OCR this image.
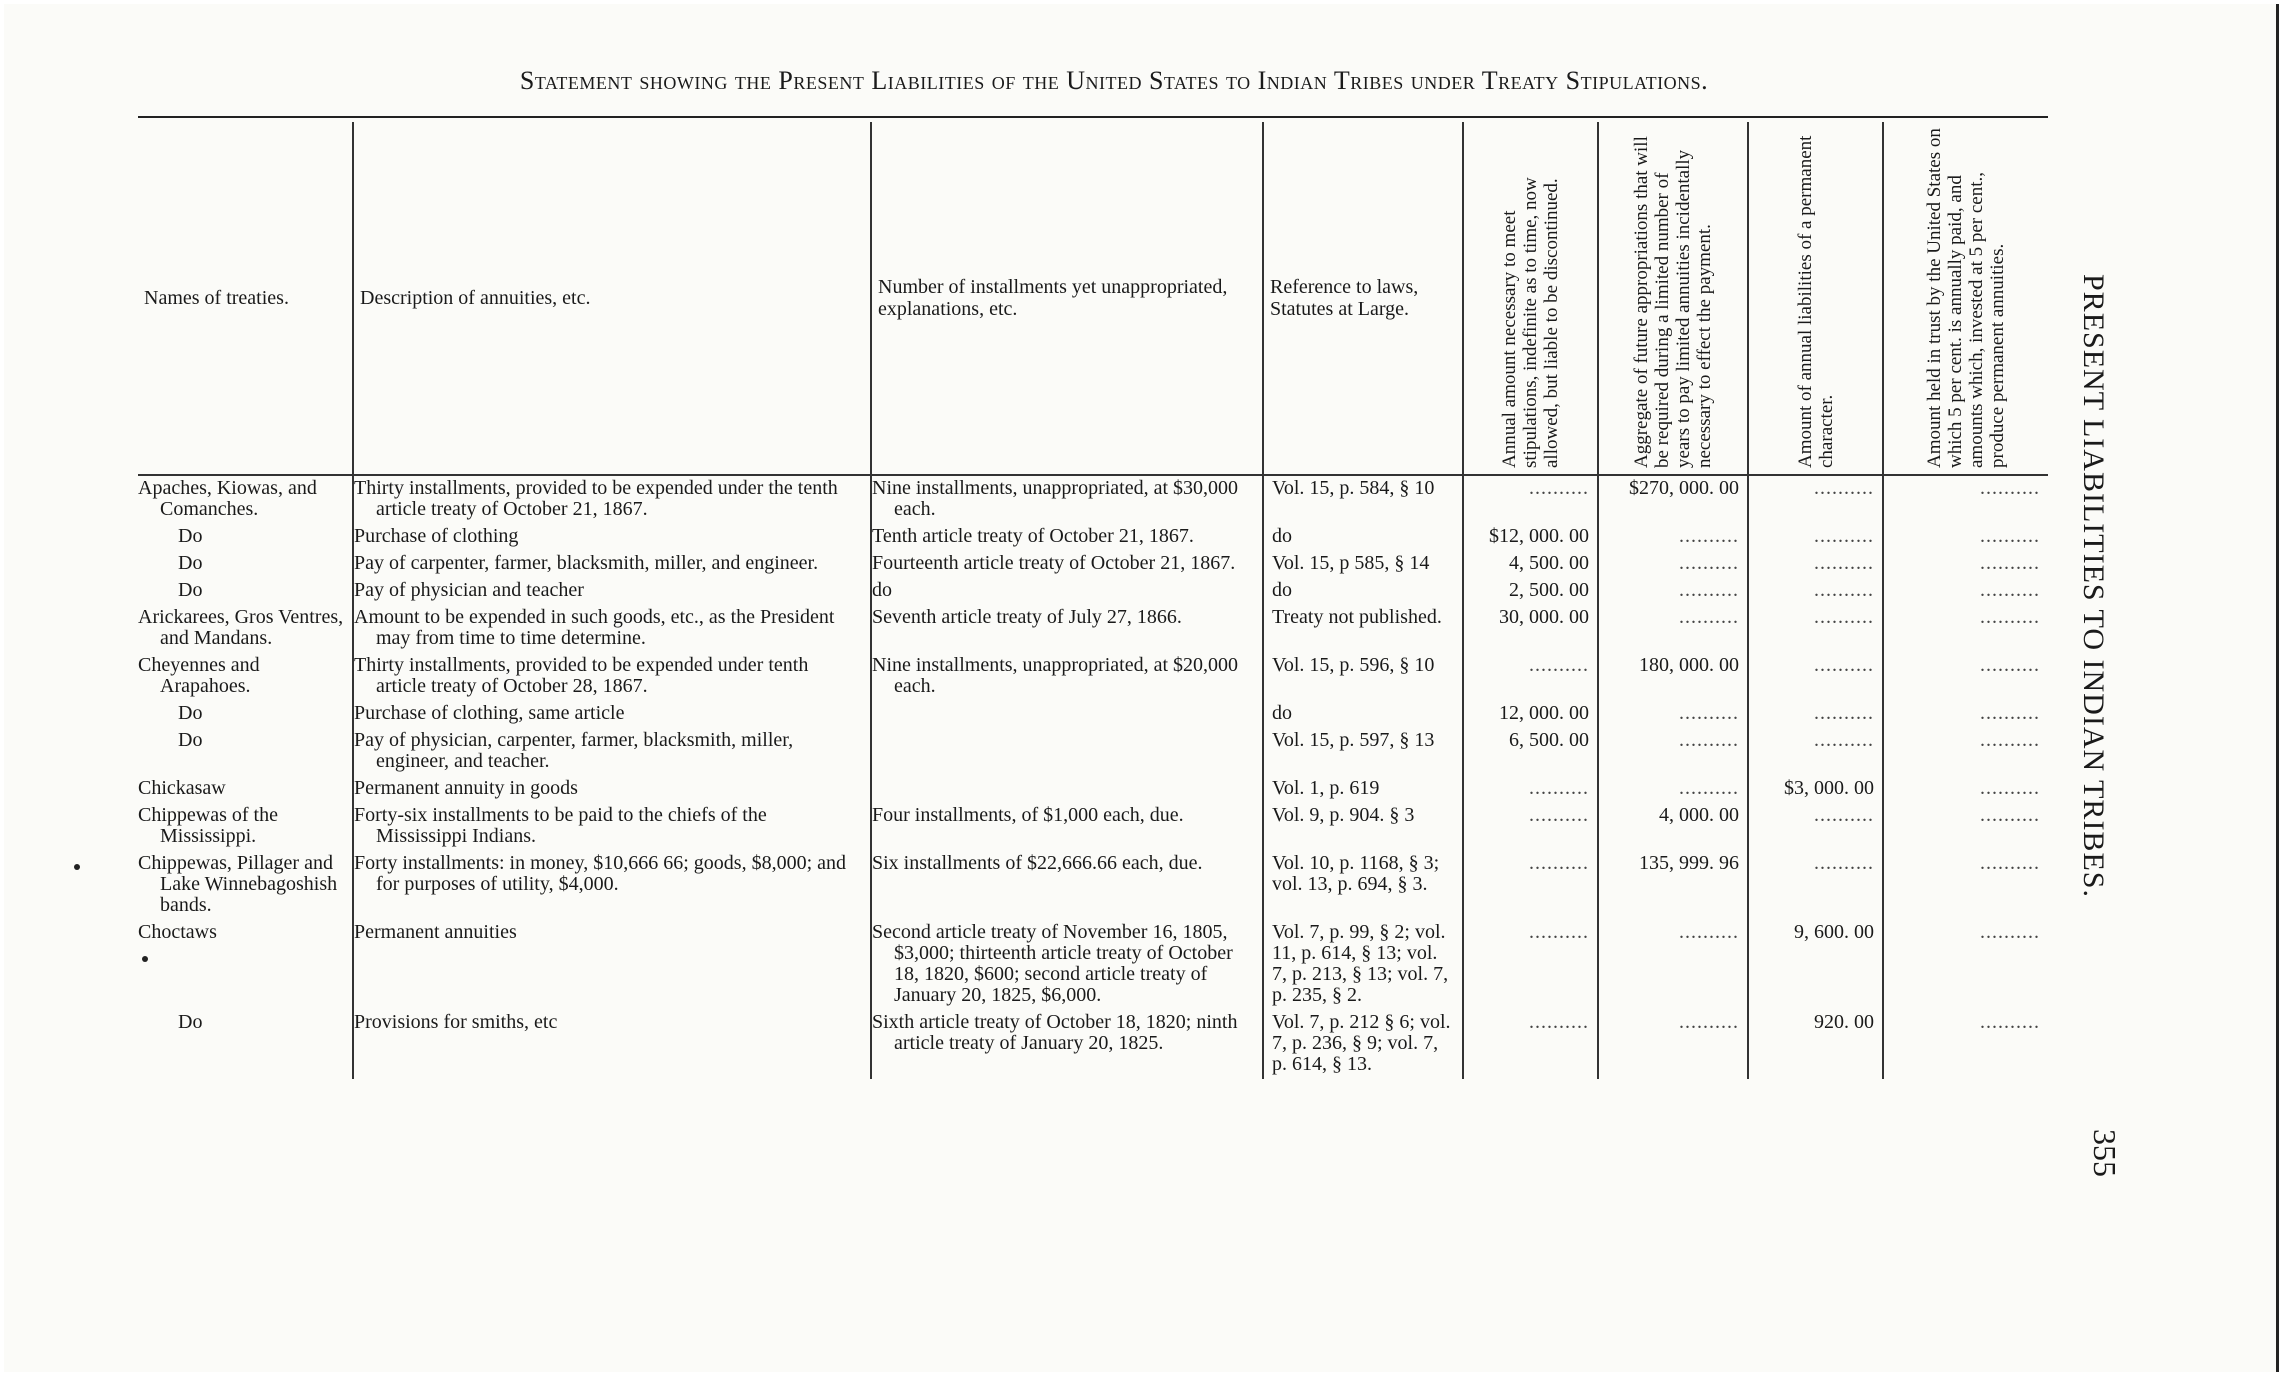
Statement showing the Present Liabilities of the United States to Indian Tribes under Treaty Stipulations.
Names of treaties.	Description of annuities, etc.	Number of installments yet unappropriated, explanations, etc.	Reference to laws, Statutes at Large.	Annual amount necessary to meet stipulations, indefinite as to time, now allowed, but liable to be discontinued.	Aggregate of future appropriations that will be required during a limited number of years to pay limited annuities incidentally necessary to effect the payment.	Amount of annual liabilities of a permanent character.	Amount held in trust by the United States on which 5 per cent. is annually paid, and amounts which, invested at 5 per cent., produce permanent annuities.

Apaches, Kiowas, and Comanches.	Thirty installments, provided to be expended under the tenth article treaty of October 21, 1867.	Nine installments, unappropriated, at $30,000 each.	Vol. 15, p. 584, § 10	..........	$270, 000. 00	..........	..........
Do	Purchase of clothing	Tenth article treaty of October 21, 1867.	do	$12, 000. 00	..........	..........	..........
Do	Pay of carpenter, farmer, blacksmith, miller, and engineer.	Fourteenth article treaty of October 21, 1867.	Vol. 15, p 585, § 14	4, 500. 00	..........	..........	..........
Do	Pay of physician and teacher	do	do	2, 500. 00	..........	..........	..........
Arickarees, Gros Ventres, and Mandans.	Amount to be expended in such goods, etc., as the President may from time to time determine.	Seventh article treaty of July 27, 1866.	Treaty not published.	30, 000. 00	..........	..........	..........
Cheyennes and Arapahoes.	Thirty installments, provided to be expended under tenth article treaty of October 28, 1867.	Nine installments, unappropriated, at $20,000 each.	Vol. 15, p. 596, § 10	..........	180, 000. 00	..........	..........
Do	Purchase of clothing, same article		do	12, 000. 00	..........	..........	..........
Do	Pay of physician, carpenter, farmer, blacksmith, miller, engineer, and teacher.		Vol. 15, p. 597, § 13	6, 500. 00	..........	..........	..........
Chickasaw	Permanent annuity in goods		Vol. 1, p. 619	..........	..........	$3, 000. 00	..........
Chippewas of the Mississippi.	Forty-six installments to be paid to the chiefs of the Mississippi Indians.	Four installments, of $1,000 each, due.	Vol. 9, p. 904. § 3	..........	4, 000. 00	..........	..........
Chippewas, Pillager and Lake Winnebagoshish bands.	Forty installments: in money, $10,666 66; goods, $8,000; and for purposes of utility, $4,000.	Six installments of $22,666.66 each, due.	Vol. 10, p. 1168, § 3; vol. 13, p. 694, § 3.	..........	135, 999. 96	..........	..........
Choctaws	Permanent annuities	Second article treaty of November 16, 1805, $3,000; thirteenth article treaty of October 18, 1820, $600; second article treaty of January 20, 1825, $6,000.	Vol. 7, p. 99, § 2; vol. 11, p. 614, § 13; vol. 7, p. 213, § 13; vol. 7, p. 235, § 2.	..........	..........	9, 600. 00	..........
Do	Provisions for smiths, etc	Sixth article treaty of October 18, 1820; ninth article treaty of January 20, 1825.	Vol. 7, p. 212 § 6; vol. 7, p. 236, § 9; vol. 7, p. 614, § 13.	..........	..........	920. 00	..........
PRESENT LIABILITIES TO INDIAN TRIBES.
355
